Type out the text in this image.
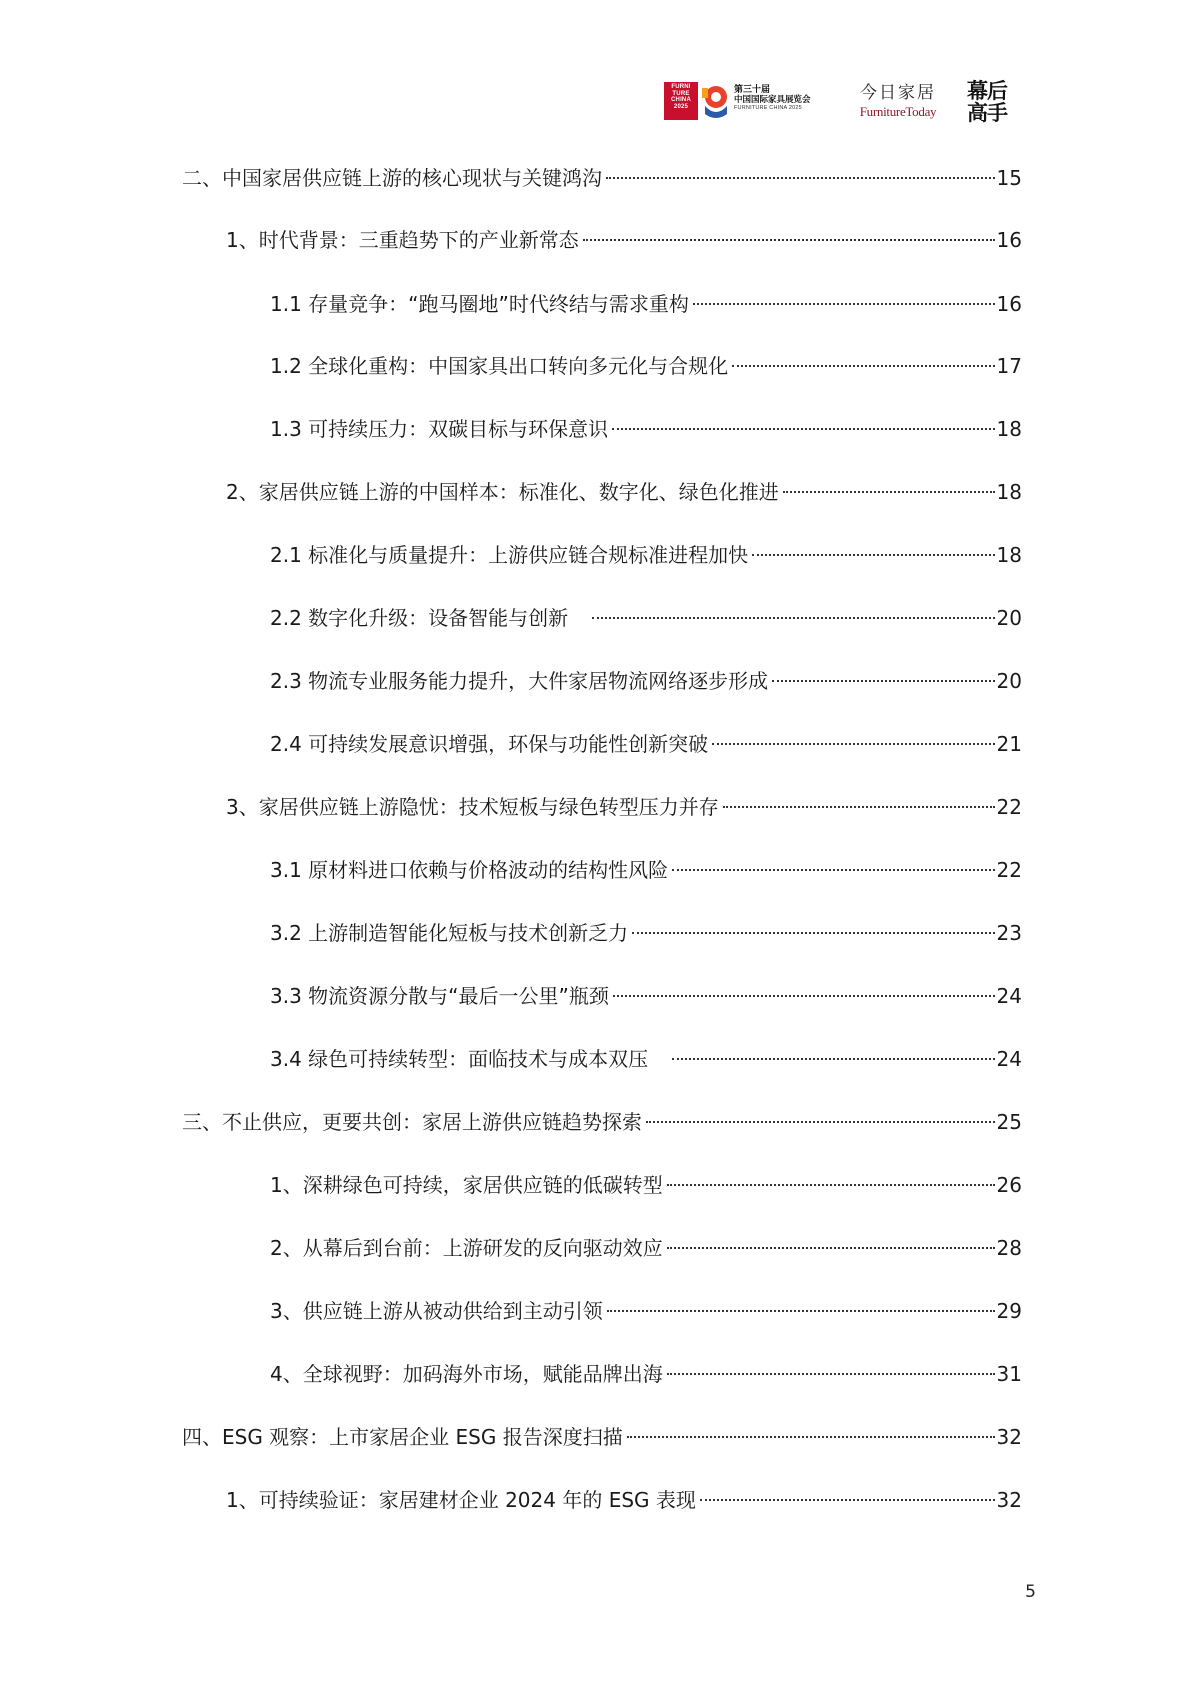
FURNI
TURE
CHINA
2025
第三十届
中国国际家具展览会
FURNITURE CHINA 2025
今日家居
FurnitureToday
幕后
高手
二、中国家居供应链上游的核心现状与关键鸿沟	15
1、时代背景：三重趋势下的产业新常态	16
1.1 存量竞争：“跑马圈地”时代终结与需求重构	16
1.2 全球化重构：中国家具出口转向多元化与合规化	17
1.3 可持续压力：双碳目标与环保意识	18
2、家居供应链上游的中国样本：标准化、数字化、绿色化推进	18
2.1 标准化与质量提升：上游供应链合规标准进程加快	18
2.2 数字化升级：设备智能与创新	20
2.3 物流专业服务能力提升，大件家居物流网络逐步形成	20
2.4 可持续发展意识增强，环保与功能性创新突破	21
3、家居供应链上游隐忧：技术短板与绿色转型压力并存	22
3.1 原材料进口依赖与价格波动的结构性风险	22
3.2 上游制造智能化短板与技术创新乏力	23
3.3 物流资源分散与“最后一公里”瓶颈	24
3.4 绿色可持续转型：面临技术与成本双压	24
三、不止供应，更要共创：家居上游供应链趋势探索	25
1、深耕绿色可持续，家居供应链的低碳转型	26
2、从幕后到台前：上游研发的反向驱动效应	28
3、供应链上游从被动供给到主动引领	29
4、全球视野：加码海外市场，赋能品牌出海	31
四、ESG 观察：上市家居企业 ESG 报告深度扫描	32
1、可持续验证：家居建材企业 2024 年的 ESG 表现	32
5
